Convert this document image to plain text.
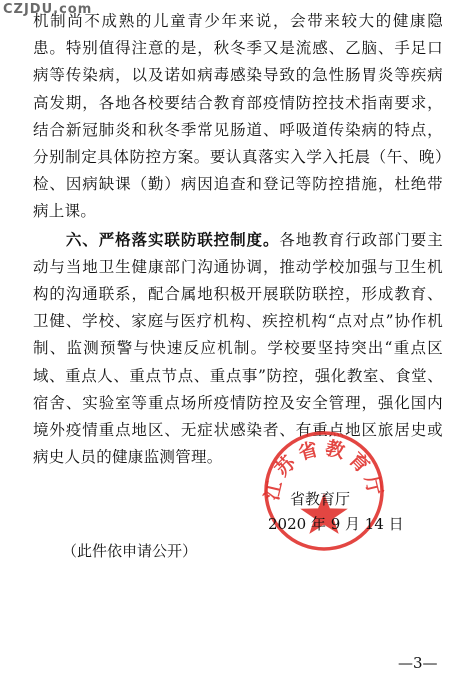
CZJDU.com

机制尚不成熟的儿童青少年来说，会带来较大的健康隐患。特别值得注意的是，秋冬季又是流感、乙脑、手足口病等传染病，以及诺如病毒感染导致的急性肠胃炎等疾病高发期，各地各校要结合教育部疫情防控技术指南要求，结合新冠肺炎和秋冬季常见肠道、呼吸道传染病的特点，分别制定具体防控方案。要认真落实入学入托晨（午、晚）检、因病缺课（勤）病因追查和登记等防控措施，杜绝带病上课。

　　六、严格落实联防联控制度。各地教育行政部门要主动与当地卫生健康部门沟通协调，推动学校加强与卫生机构的沟通联系，配合属地积极开展联防联控，形成教育、卫健、学校、家庭与医疗机构、疾控机构“点对点”协作机制、监测预警与快速反应机制。学校要坚持突出“重点区域、重点人、重点节点、重点事”防控，强化教室、食堂、宿舍、实验室等重点场所疫情防控及安全管理，强化国内境外疫情重点地区、无症状感染者、有重点地区旅居史或病史人员的健康监测管理。

江苏省教育厅
省教育厅
2020 年 9 月 14 日
（此件依申请公开）
—3—
